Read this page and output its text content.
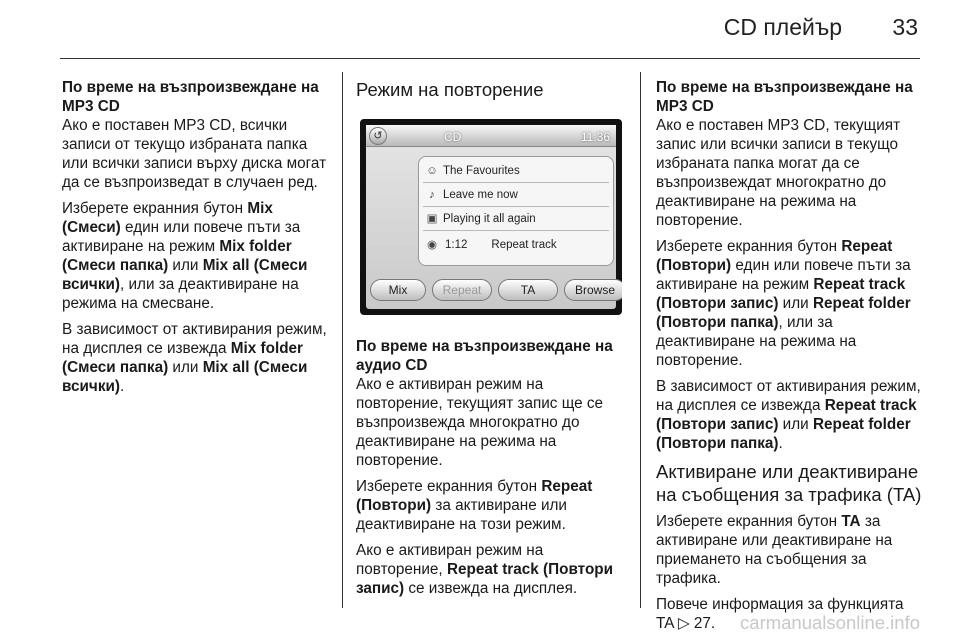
CD плейър 33

По време на възпроизвеждане на MP3 CD

Ако е поставен MP3 CD, всички записи от текущо избраната папка или всички записи върху диска могат да се възпроизведат в случаен ред.

Изберете екранния бутон Mix (Смеси) един или повече пъти за активиране на режим Mix folder (Смеси папка) или Mix all (Смеси всички), или за деактивиране на режима на смесване.

В зависимост от активирания режим, на дисплея се извежда Mix folder (Смеси папка) или Mix all (Смеси всички).

Режим на повторение
↺	CD	11:36
☺ The Favourites
♪ Leave me now
▣ Playing it all again
◉ 1:12 Repeat track
Mix	Repeat	TA	Browse

По време на възпроизвеждане на аудио CD

Ако е активиран режим на повторение, текущият запис ще се възпроизвежда многократно до деактивиране на режима на повторение.

Изберете екранния бутон Repeat (Повтори) за активиране или деактивиране на този режим.

Ако е активиран режим на повторение, Repeat track (Повтори запис) се извежда на дисплея.

По време на възпроизвеждане на MP3 CD

Ако е поставен MP3 CD, текущият запис или всички записи в текущо избраната папка могат да се възпроизвеждат многократно до деактивиране на режима на повторение.

Изберете екранния бутон Repeat (Повтори) един или повече пъти за активиране на режим Repeat track (Повтори запис) или Repeat folder (Повтори папка), или за деактивиране на режима на повторение.

В зависимост от активирания режим, на дисплея се извежда Repeat track (Повтори запис) или Repeat folder (Повтори папка).

Активиране или деактивиране на съобщения за трафика (TA)

Изберете екранния бутон TA за активиране или деактивиране на приемането на съобщения за трафика.

Повече информация за функцията TA ▷ 27.	carmanualsonline.info
